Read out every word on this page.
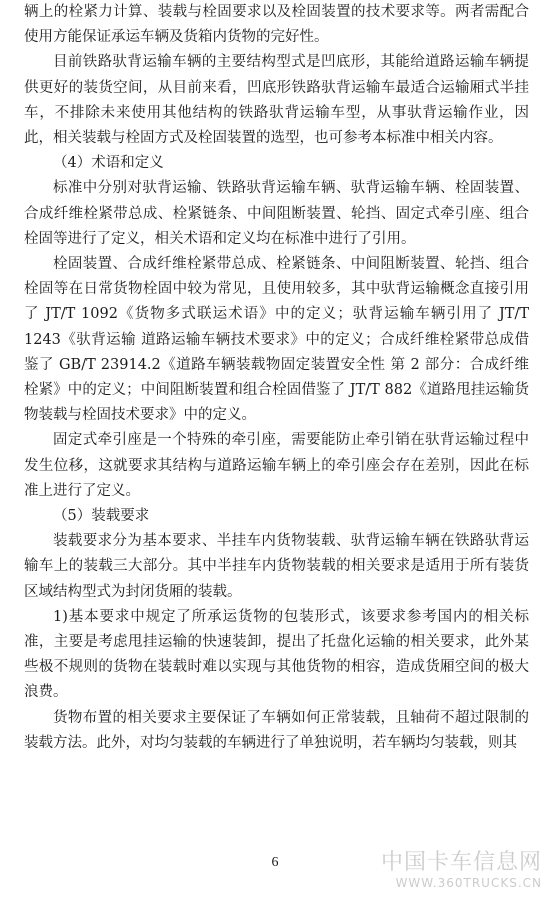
辆上的栓紧力计算、装载与栓固要求以及栓固装置的技术要求等。两者需配合使用方能保证承运车辆及货箱内货物的完好性。

目前铁路驮背运输车辆的主要结构型式是凹底形，其能给道路运输车辆提供更好的装货空间，从目前来看，凹底形铁路驮背运输车最适合运输厢式半挂车，不排除未来使用其他结构的铁路驮背运输车型，从事驮背运输作业，因此，相关装载与栓固方式及栓固装置的选型，也可参考本标准中相关内容。

（4）术语和定义

标准中分别对驮背运输、铁路驮背运输车辆、驮背运输车辆、栓固装置、合成纤维栓紧带总成、栓紧链条、中间阻断装置、轮挡、固定式牵引座、组合栓固等进行了定义，相关术语和定义均在标准中进行了引用。

栓固装置、合成纤维栓紧带总成、栓紧链条、中间阻断装置、轮挡、组合栓固等在日常货物栓固中较为常见，且使用较多，其中驮背运输概念直接引用了 JT/T 1092《货物多式联运术语》中的定义；驮背运输车辆引用了 JT/T 1243《驮背运输 道路运输车辆技术要求》中的定义；合成纤维栓紧带总成借鉴了 GB/T 23914.2《道路车辆装载物固定装置安全性 第 2 部分：合成纤维栓紧》中的定义；中间阻断装置和组合栓固借鉴了 JT/T 882《道路甩挂运输货物装载与栓固技术要求》中的定义。

固定式牵引座是一个特殊的牵引座，需要能防止牵引销在驮背运输过程中发生位移，这就要求其结构与道路运输车辆上的牵引座会存在差别，因此在标准上进行了定义。

（5）装载要求

装载要求分为基本要求、半挂车内货物装载、驮背运输车辆在铁路驮背运输车上的装载三大部分。其中半挂车内货物装载的相关要求是适用于所有装货区域结构型式为封闭货厢的装载。

1)基本要求中规定了所承运货物的包装形式，该要求参考国内的相关标准，主要是考虑甩挂运输的快速装卸，提出了托盘化运输的相关要求，此外某些极不规则的货物在装载时难以实现与其他货物的相容，造成货厢空间的极大浪费。

货物布置的相关要求主要保证了车辆如何正常装载，且轴荷不超过限制的装载方法。此外，对均匀装载的车辆进行了单独说明，若车辆均匀装载，则其

6	中国卡车信息网
WWW.360TRUCKS.CN
